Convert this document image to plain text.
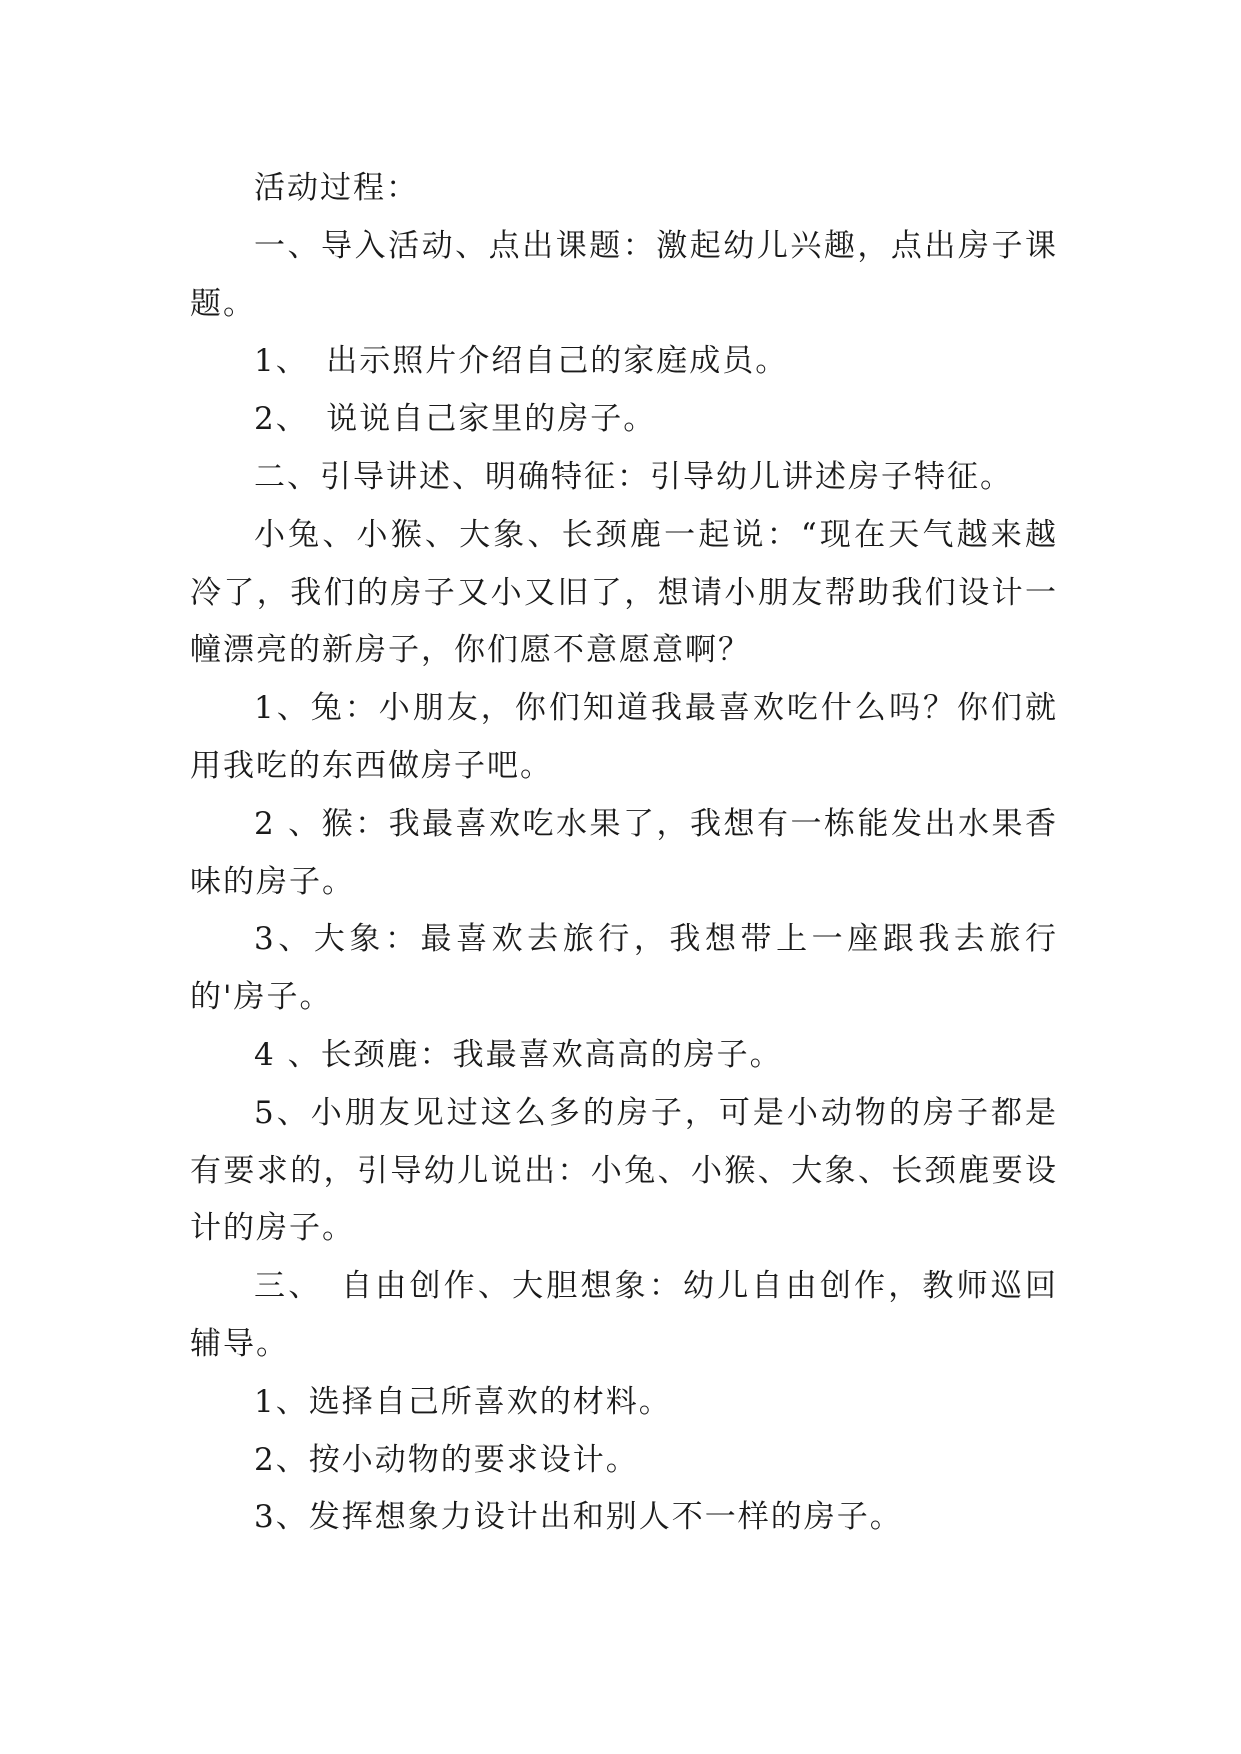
活动过程：

一、导入活动、点出课题：激起幼儿兴趣，点出房子课题。

1、　出示照片介绍自己的家庭成员。

2、　说说自己家里的房子。

二、引导讲述、明确特征：引导幼儿讲述房子特征。

小兔、小猴、大象、长颈鹿一起说：“现在天气越来越冷了，我们的房子又小又旧了，想请小朋友帮助我们设计一幢漂亮的新房子，你们愿不意愿意啊？

1、兔：小朋友，你们知道我最喜欢吃什么吗？你们就用我吃的东西做房子吧。

2 、猴：我最喜欢吃水果了，我想有一栋能发出水果香味的房子。

3、大象：最喜欢去旅行，我想带上一座跟我去旅行的'房子。

4 、长颈鹿：我最喜欢高高的房子。

5、小朋友见过这么多的房子，可是小动物的房子都是有要求的，引导幼儿说出：小兔、小猴、大象、长颈鹿要设计的房子。

三、　自由创作、大胆想象：幼儿自由创作，教师巡回辅导。

1、选择自己所喜欢的材料。

2、按小动物的要求设计。

3、发挥想象力设计出和别人不一样的房子。
